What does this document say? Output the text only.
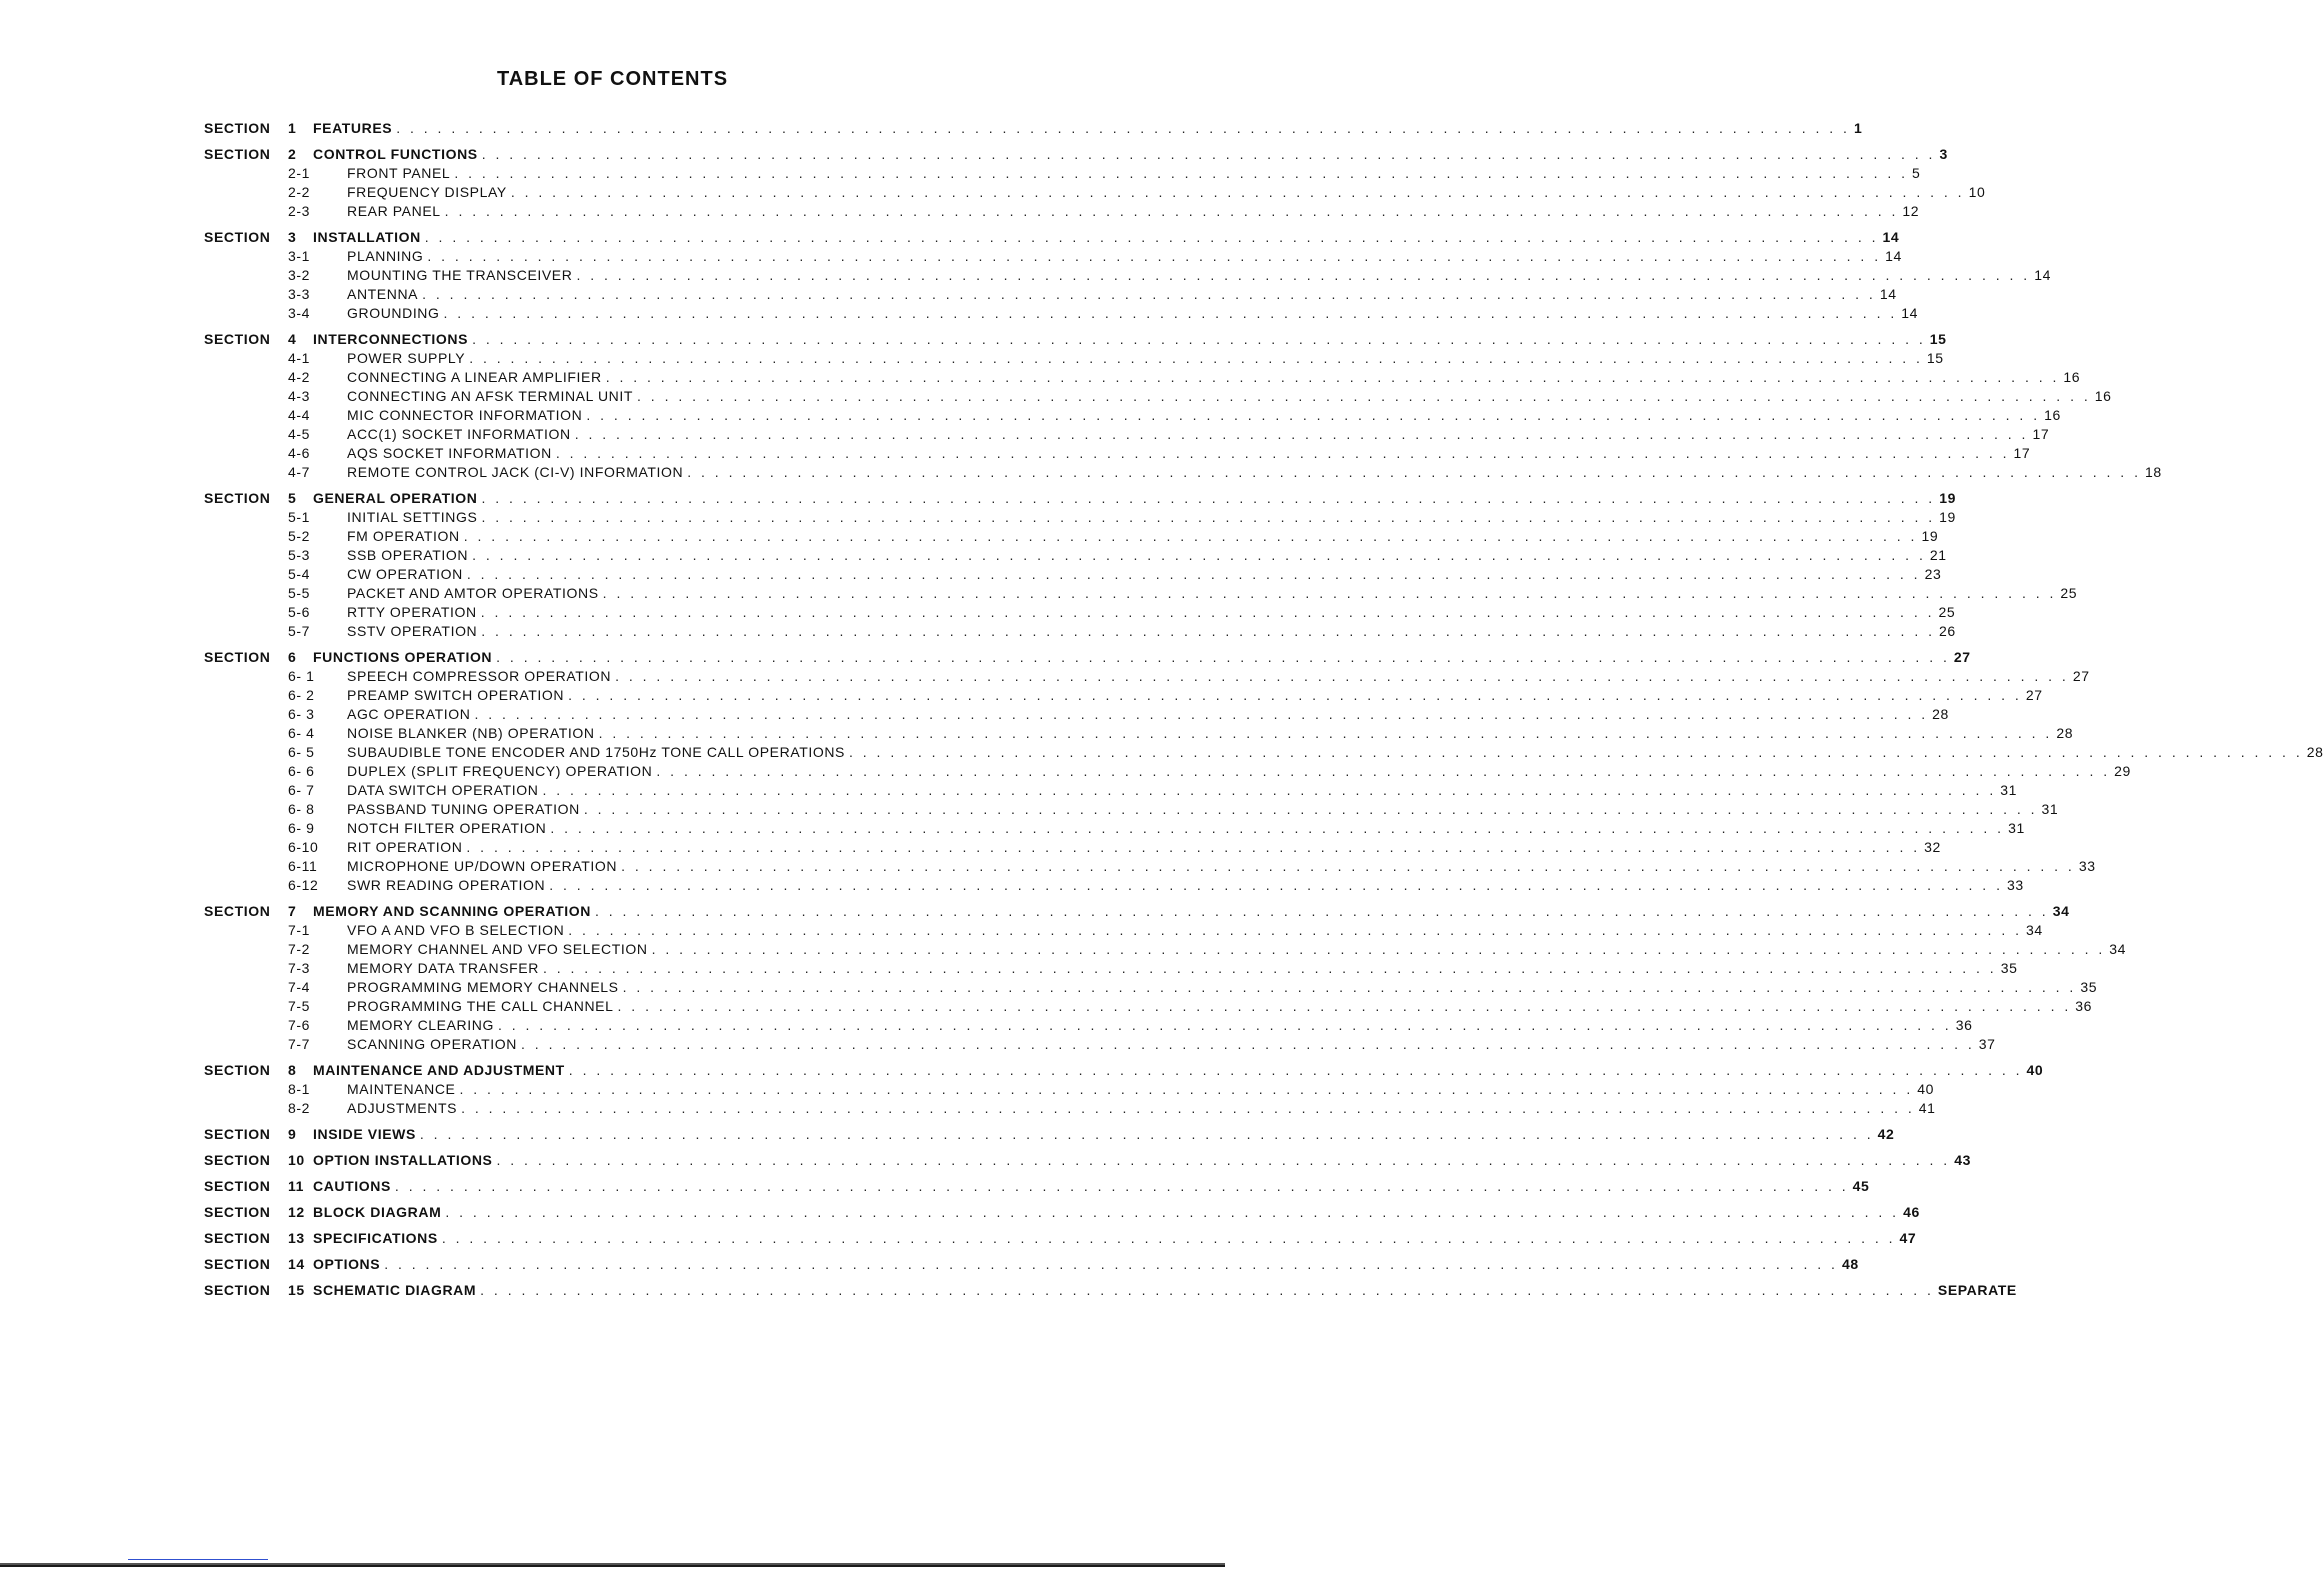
TABLE OF CONTENTS
SECTION	1	FEATURES . . . . . . . . . . . . . . . . . . . . . . . . . . . . . . . . . . . . . . . . . . . . . . . . . . . . . . . . . . . . . . . . . . . . . . . . . . . . . . . . . . . . . . . . . . . . . . . . . . . . . . . . . . 1
SECTION	2	CONTROL FUNCTIONS . . . . . . . . . . . . . . . . . . . . . . . . . . . . . . . . . . . . . . . . . . . . . . . . . . . . . . . . . . . . . . . . . . . . . . . . . . . . . . . . . . . . . . . . . . . . . . . . . . . . . . . . . . 3
2-1	FRONT PANEL . . . . . . . . . . . . . . . . . . . . . . . . . . . . . . . . . . . . . . . . . . . . . . . . . . . . . . . . . . . . . . . . . . . . . . . . . . . . . . . . . . . . . . . . . . . . . . . . . . . . . . . . . . 5
2-2	FREQUENCY DISPLAY . . . . . . . . . . . . . . . . . . . . . . . . . . . . . . . . . . . . . . . . . . . . . . . . . . . . . . . . . . . . . . . . . . . . . . . . . . . . . . . . . . . . . . . . . . . . . . . . . . . . . . . . . . 10
2-3	REAR PANEL . . . . . . . . . . . . . . . . . . . . . . . . . . . . . . . . . . . . . . . . . . . . . . . . . . . . . . . . . . . . . . . . . . . . . . . . . . . . . . . . . . . . . . . . . . . . . . . . . . . . . . . . . . 12
SECTION	3	INSTALLATION . . . . . . . . . . . . . . . . . . . . . . . . . . . . . . . . . . . . . . . . . . . . . . . . . . . . . . . . . . . . . . . . . . . . . . . . . . . . . . . . . . . . . . . . . . . . . . . . . . . . . . . . . . 14
3-1	PLANNING . . . . . . . . . . . . . . . . . . . . . . . . . . . . . . . . . . . . . . . . . . . . . . . . . . . . . . . . . . . . . . . . . . . . . . . . . . . . . . . . . . . . . . . . . . . . . . . . . . . . . . . . . . 14
3-2	MOUNTING THE TRANSCEIVER . . . . . . . . . . . . . . . . . . . . . . . . . . . . . . . . . . . . . . . . . . . . . . . . . . . . . . . . . . . . . . . . . . . . . . . . . . . . . . . . . . . . . . . . . . . . . . . . . . . . . . . . . . 14
3-3	ANTENNA . . . . . . . . . . . . . . . . . . . . . . . . . . . . . . . . . . . . . . . . . . . . . . . . . . . . . . . . . . . . . . . . . . . . . . . . . . . . . . . . . . . . . . . . . . . . . . . . . . . . . . . . . . 14
3-4	GROUNDING . . . . . . . . . . . . . . . . . . . . . . . . . . . . . . . . . . . . . . . . . . . . . . . . . . . . . . . . . . . . . . . . . . . . . . . . . . . . . . . . . . . . . . . . . . . . . . . . . . . . . . . . . . 14
SECTION	4	INTERCONNECTIONS . . . . . . . . . . . . . . . . . . . . . . . . . . . . . . . . . . . . . . . . . . . . . . . . . . . . . . . . . . . . . . . . . . . . . . . . . . . . . . . . . . . . . . . . . . . . . . . . . . . . . . . . . . 15
4-1	POWER SUPPLY . . . . . . . . . . . . . . . . . . . . . . . . . . . . . . . . . . . . . . . . . . . . . . . . . . . . . . . . . . . . . . . . . . . . . . . . . . . . . . . . . . . . . . . . . . . . . . . . . . . . . . . . . . 15
4-2	CONNECTING A LINEAR AMPLIFIER . . . . . . . . . . . . . . . . . . . . . . . . . . . . . . . . . . . . . . . . . . . . . . . . . . . . . . . . . . . . . . . . . . . . . . . . . . . . . . . . . . . . . . . . . . . . . . . . . . . . . . . . . . 16
4-3	CONNECTING AN AFSK TERMINAL UNIT . . . . . . . . . . . . . . . . . . . . . . . . . . . . . . . . . . . . . . . . . . . . . . . . . . . . . . . . . . . . . . . . . . . . . . . . . . . . . . . . . . . . . . . . . . . . . . . . . . . . . . . . . . 16
4-4	MIC CONNECTOR INFORMATION . . . . . . . . . . . . . . . . . . . . . . . . . . . . . . . . . . . . . . . . . . . . . . . . . . . . . . . . . . . . . . . . . . . . . . . . . . . . . . . . . . . . . . . . . . . . . . . . . . . . . . . . . . 16
4-5	ACC(1) SOCKET INFORMATION . . . . . . . . . . . . . . . . . . . . . . . . . . . . . . . . . . . . . . . . . . . . . . . . . . . . . . . . . . . . . . . . . . . . . . . . . . . . . . . . . . . . . . . . . . . . . . . . . . . . . . . . . . 17
4-6	AQS SOCKET INFORMATION . . . . . . . . . . . . . . . . . . . . . . . . . . . . . . . . . . . . . . . . . . . . . . . . . . . . . . . . . . . . . . . . . . . . . . . . . . . . . . . . . . . . . . . . . . . . . . . . . . . . . . . . . . 17
4-7	REMOTE CONTROL JACK (CI-V) INFORMATION . . . . . . . . . . . . . . . . . . . . . . . . . . . . . . . . . . . . . . . . . . . . . . . . . . . . . . . . . . . . . . . . . . . . . . . . . . . . . . . . . . . . . . . . . . . . . . . . . . . . . . . . . . 18
SECTION	5	GENERAL OPERATION . . . . . . . . . . . . . . . . . . . . . . . . . . . . . . . . . . . . . . . . . . . . . . . . . . . . . . . . . . . . . . . . . . . . . . . . . . . . . . . . . . . . . . . . . . . . . . . . . . . . . . . . . . 19
5-1	INITIAL SETTINGS . . . . . . . . . . . . . . . . . . . . . . . . . . . . . . . . . . . . . . . . . . . . . . . . . . . . . . . . . . . . . . . . . . . . . . . . . . . . . . . . . . . . . . . . . . . . . . . . . . . . . . . . . . 19
5-2	FM OPERATION . . . . . . . . . . . . . . . . . . . . . . . . . . . . . . . . . . . . . . . . . . . . . . . . . . . . . . . . . . . . . . . . . . . . . . . . . . . . . . . . . . . . . . . . . . . . . . . . . . . . . . . . . . 19
5-3	SSB OPERATION . . . . . . . . . . . . . . . . . . . . . . . . . . . . . . . . . . . . . . . . . . . . . . . . . . . . . . . . . . . . . . . . . . . . . . . . . . . . . . . . . . . . . . . . . . . . . . . . . . . . . . . . . . 21
5-4	CW OPERATION . . . . . . . . . . . . . . . . . . . . . . . . . . . . . . . . . . . . . . . . . . . . . . . . . . . . . . . . . . . . . . . . . . . . . . . . . . . . . . . . . . . . . . . . . . . . . . . . . . . . . . . . . . 23
5-5	PACKET AND AMTOR OPERATIONS . . . . . . . . . . . . . . . . . . . . . . . . . . . . . . . . . . . . . . . . . . . . . . . . . . . . . . . . . . . . . . . . . . . . . . . . . . . . . . . . . . . . . . . . . . . . . . . . . . . . . . . . . . 25
5-6	RTTY OPERATION . . . . . . . . . . . . . . . . . . . . . . . . . . . . . . . . . . . . . . . . . . . . . . . . . . . . . . . . . . . . . . . . . . . . . . . . . . . . . . . . . . . . . . . . . . . . . . . . . . . . . . . . . . 25
5-7	SSTV OPERATION . . . . . . . . . . . . . . . . . . . . . . . . . . . . . . . . . . . . . . . . . . . . . . . . . . . . . . . . . . . . . . . . . . . . . . . . . . . . . . . . . . . . . . . . . . . . . . . . . . . . . . . . . . 26
SECTION	6	FUNCTIONS OPERATION . . . . . . . . . . . . . . . . . . . . . . . . . . . . . . . . . . . . . . . . . . . . . . . . . . . . . . . . . . . . . . . . . . . . . . . . . . . . . . . . . . . . . . . . . . . . . . . . . . . . . . . . . . 27
6- 1	SPEECH COMPRESSOR OPERATION . . . . . . . . . . . . . . . . . . . . . . . . . . . . . . . . . . . . . . . . . . . . . . . . . . . . . . . . . . . . . . . . . . . . . . . . . . . . . . . . . . . . . . . . . . . . . . . . . . . . . . . . . . 27
6- 2	PREAMP SWITCH OPERATION . . . . . . . . . . . . . . . . . . . . . . . . . . . . . . . . . . . . . . . . . . . . . . . . . . . . . . . . . . . . . . . . . . . . . . . . . . . . . . . . . . . . . . . . . . . . . . . . . . . . . . . . . . 27
6- 3	AGC OPERATION . . . . . . . . . . . . . . . . . . . . . . . . . . . . . . . . . . . . . . . . . . . . . . . . . . . . . . . . . . . . . . . . . . . . . . . . . . . . . . . . . . . . . . . . . . . . . . . . . . . . . . . . . . 28
6- 4	NOISE BLANKER (NB) OPERATION . . . . . . . . . . . . . . . . . . . . . . . . . . . . . . . . . . . . . . . . . . . . . . . . . . . . . . . . . . . . . . . . . . . . . . . . . . . . . . . . . . . . . . . . . . . . . . . . . . . . . . . . . . 28
6- 5	SUBAUDIBLE TONE ENCODER AND 1750Hz TONE CALL OPERATIONS . . . . . . . . . . . . . . . . . . . . . . . . . . . . . . . . . . . . . . . . . . . . . . . . . . . . . . . . . . . . . . . . . . . . . . . . . . . . . . . . . . . . . . . . . . . . . . . . . . . . . . . . . . 28
6- 6	DUPLEX (SPLIT FREQUENCY) OPERATION . . . . . . . . . . . . . . . . . . . . . . . . . . . . . . . . . . . . . . . . . . . . . . . . . . . . . . . . . . . . . . . . . . . . . . . . . . . . . . . . . . . . . . . . . . . . . . . . . . . . . . . . . . 29
6- 7	DATA SWITCH OPERATION . . . . . . . . . . . . . . . . . . . . . . . . . . . . . . . . . . . . . . . . . . . . . . . . . . . . . . . . . . . . . . . . . . . . . . . . . . . . . . . . . . . . . . . . . . . . . . . . . . . . . . . . . . 31
6- 8	PASSBAND TUNING OPERATION . . . . . . . . . . . . . . . . . . . . . . . . . . . . . . . . . . . . . . . . . . . . . . . . . . . . . . . . . . . . . . . . . . . . . . . . . . . . . . . . . . . . . . . . . . . . . . . . . . . . . . . . . . 31
6- 9	NOTCH FILTER OPERATION . . . . . . . . . . . . . . . . . . . . . . . . . . . . . . . . . . . . . . . . . . . . . . . . . . . . . . . . . . . . . . . . . . . . . . . . . . . . . . . . . . . . . . . . . . . . . . . . . . . . . . . . . . 31
6-10	RIT OPERATION . . . . . . . . . . . . . . . . . . . . . . . . . . . . . . . . . . . . . . . . . . . . . . . . . . . . . . . . . . . . . . . . . . . . . . . . . . . . . . . . . . . . . . . . . . . . . . . . . . . . . . . . . . 32
6-11	MICROPHONE UP/DOWN OPERATION . . . . . . . . . . . . . . . . . . . . . . . . . . . . . . . . . . . . . . . . . . . . . . . . . . . . . . . . . . . . . . . . . . . . . . . . . . . . . . . . . . . . . . . . . . . . . . . . . . . . . . . . . . 33
6-12	SWR READING OPERATION . . . . . . . . . . . . . . . . . . . . . . . . . . . . . . . . . . . . . . . . . . . . . . . . . . . . . . . . . . . . . . . . . . . . . . . . . . . . . . . . . . . . . . . . . . . . . . . . . . . . . . . . . . 33
SECTION	7	MEMORY AND SCANNING OPERATION . . . . . . . . . . . . . . . . . . . . . . . . . . . . . . . . . . . . . . . . . . . . . . . . . . . . . . . . . . . . . . . . . . . . . . . . . . . . . . . . . . . . . . . . . . . . . . . . . . . . . . . . . . 34
7-1	VFO A AND VFO B SELECTION . . . . . . . . . . . . . . . . . . . . . . . . . . . . . . . . . . . . . . . . . . . . . . . . . . . . . . . . . . . . . . . . . . . . . . . . . . . . . . . . . . . . . . . . . . . . . . . . . . . . . . . . . . 34
7-2	MEMORY CHANNEL AND VFO SELECTION . . . . . . . . . . . . . . . . . . . . . . . . . . . . . . . . . . . . . . . . . . . . . . . . . . . . . . . . . . . . . . . . . . . . . . . . . . . . . . . . . . . . . . . . . . . . . . . . . . . . . . . . . . 34
7-3	MEMORY DATA TRANSFER . . . . . . . . . . . . . . . . . . . . . . . . . . . . . . . . . . . . . . . . . . . . . . . . . . . . . . . . . . . . . . . . . . . . . . . . . . . . . . . . . . . . . . . . . . . . . . . . . . . . . . . . . . 35
7-4	PROGRAMMING MEMORY CHANNELS . . . . . . . . . . . . . . . . . . . . . . . . . . . . . . . . . . . . . . . . . . . . . . . . . . . . . . . . . . . . . . . . . . . . . . . . . . . . . . . . . . . . . . . . . . . . . . . . . . . . . . . . . . 35
7-5	PROGRAMMING THE CALL CHANNEL . . . . . . . . . . . . . . . . . . . . . . . . . . . . . . . . . . . . . . . . . . . . . . . . . . . . . . . . . . . . . . . . . . . . . . . . . . . . . . . . . . . . . . . . . . . . . . . . . . . . . . . . . . 36
7-6	MEMORY CLEARING . . . . . . . . . . . . . . . . . . . . . . . . . . . . . . . . . . . . . . . . . . . . . . . . . . . . . . . . . . . . . . . . . . . . . . . . . . . . . . . . . . . . . . . . . . . . . . . . . . . . . . . . . . 36
7-7	SCANNING OPERATION . . . . . . . . . . . . . . . . . . . . . . . . . . . . . . . . . . . . . . . . . . . . . . . . . . . . . . . . . . . . . . . . . . . . . . . . . . . . . . . . . . . . . . . . . . . . . . . . . . . . . . . . . . 37
SECTION	8	MAINTENANCE AND ADJUSTMENT . . . . . . . . . . . . . . . . . . . . . . . . . . . . . . . . . . . . . . . . . . . . . . . . . . . . . . . . . . . . . . . . . . . . . . . . . . . . . . . . . . . . . . . . . . . . . . . . . . . . . . . . . . 40
8-1	MAINTENANCE . . . . . . . . . . . . . . . . . . . . . . . . . . . . . . . . . . . . . . . . . . . . . . . . . . . . . . . . . . . . . . . . . . . . . . . . . . . . . . . . . . . . . . . . . . . . . . . . . . . . . . . . . . 40
8-2	ADJUSTMENTS . . . . . . . . . . . . . . . . . . . . . . . . . . . . . . . . . . . . . . . . . . . . . . . . . . . . . . . . . . . . . . . . . . . . . . . . . . . . . . . . . . . . . . . . . . . . . . . . . . . . . . . . . . 41
SECTION	9	INSIDE VIEWS . . . . . . . . . . . . . . . . . . . . . . . . . . . . . . . . . . . . . . . . . . . . . . . . . . . . . . . . . . . . . . . . . . . . . . . . . . . . . . . . . . . . . . . . . . . . . . . . . . . . . . . . . . 42
SECTION	10 OPTION INSTALLATIONS . . . . . . . . . . . . . . . . . . . . . . . . . . . . . . . . . . . . . . . . . . . . . . . . . . . . . . . . . . . . . . . . . . . . . . . . . . . . . . . . . . . . . . . . . . . . . . . . . . . . . . . . . . 43
SECTION	11 CAUTIONS . . . . . . . . . . . . . . . . . . . . . . . . . . . . . . . . . . . . . . . . . . . . . . . . . . . . . . . . . . . . . . . . . . . . . . . . . . . . . . . . . . . . . . . . . . . . . . . . . . . . . . . . . . 45
SECTION	12 BLOCK DIAGRAM . . . . . . . . . . . . . . . . . . . . . . . . . . . . . . . . . . . . . . . . . . . . . . . . . . . . . . . . . . . . . . . . . . . . . . . . . . . . . . . . . . . . . . . . . . . . . . . . . . . . . . . . . . 46
SECTION	13 SPECIFICATIONS . . . . . . . . . . . . . . . . . . . . . . . . . . . . . . . . . . . . . . . . . . . . . . . . . . . . . . . . . . . . . . . . . . . . . . . . . . . . . . . . . . . . . . . . . . . . . . . . . . . . . . . . . . 47
SECTION	14 OPTIONS . . . . . . . . . . . . . . . . . . . . . . . . . . . . . . . . . . . . . . . . . . . . . . . . . . . . . . . . . . . . . . . . . . . . . . . . . . . . . . . . . . . . . . . . . . . . . . . . . . . . . . . . . . 48
SECTION	15 SCHEMATIC DIAGRAM . . . . . . . . . . . . . . . . . . . . . . . . . . . . . . . . . . . . . . . . . . . . . . . . . . . . . . . . . . . . . . . . . . . . . . . . . . . . . . . . . . . . . . . . . . . . . . . . . . . . . . . . . . SEPARATE
